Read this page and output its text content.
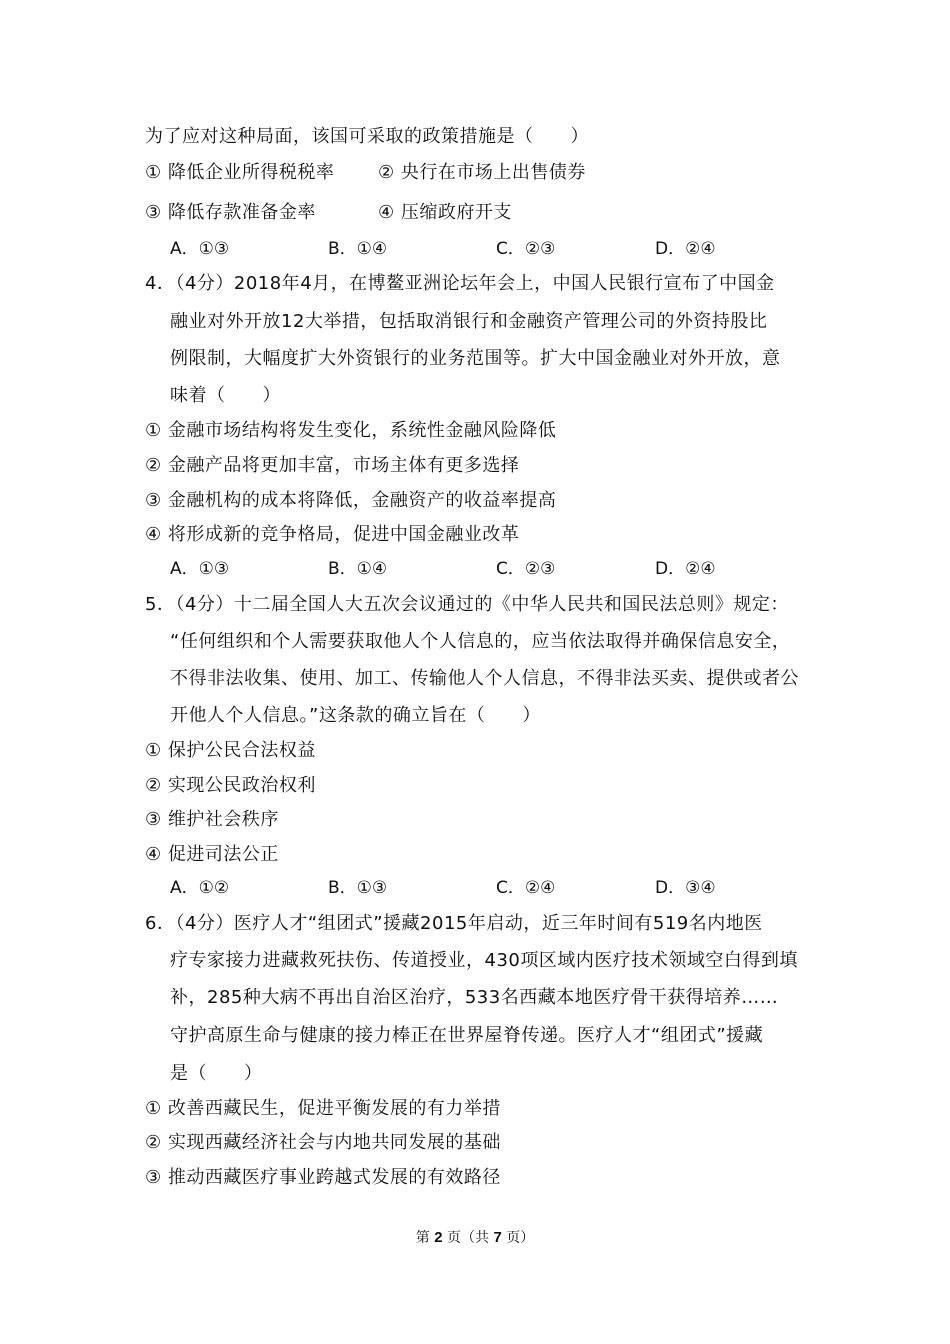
为了应对这种局面，该国可采取的政策措施是（　　）
① 降低企业所得税税率 ② 央行在市场上出售债券
③ 降低存款准备金率	④ 压缩政府开支
A．①③	B．①④	C．②③	D．②④
4．（4分）2018年4月，在博鳌亚洲论坛年会上，中国人民银行宣布了中国金
融业对外开放12大举措，包括取消银行和金融资产管理公司的外资持股比
例限制，大幅度扩大外资银行的业务范围等。扩大中国金融业对外开放，意
味着（　　）
① 金融市场结构将发生变化，系统性金融风险降低
② 金融产品将更加丰富，市场主体有更多选择
③ 金融机构的成本将降低，金融资产的收益率提高
④ 将形成新的竞争格局，促进中国金融业改革
A．①③	B．①④	C．②③	D．②④
5．（4分）十二届全国人大五次会议通过的《中华人民共和国民法总则》规定：
“任何组织和个人需要获取他人个人信息的，应当依法取得并确保信息安全，
不得非法收集、使用、加工、传输他人个人信息，不得非法买卖、提供或者公
开他人个人信息。”这条款的确立旨在（　　）
① 保护公民合法权益
② 实现公民政治权利
③ 维护社会秩序
④ 促进司法公正
A．①②	B．①③	C．②④	D．③④
6．（4分）医疗人才“组团式”援藏2015年启动，近三年时间有519名内地医
疗专家接力进藏救死扶伤、传道授业，430项区域内医疗技术领域空白得到填
补，285种大病不再出自治区治疗，533名西藏本地医疗骨干获得培养……
守护高原生命与健康的接力棒正在世界屋脊传递。医疗人才“组团式”援藏
是（　　）
① 改善西藏民生，促进平衡发展的有力举措
② 实现西藏经济社会与内地共同发展的基础
③ 推动西藏医疗事业跨越式发展的有效路径
第 2 页（共 7 页）
